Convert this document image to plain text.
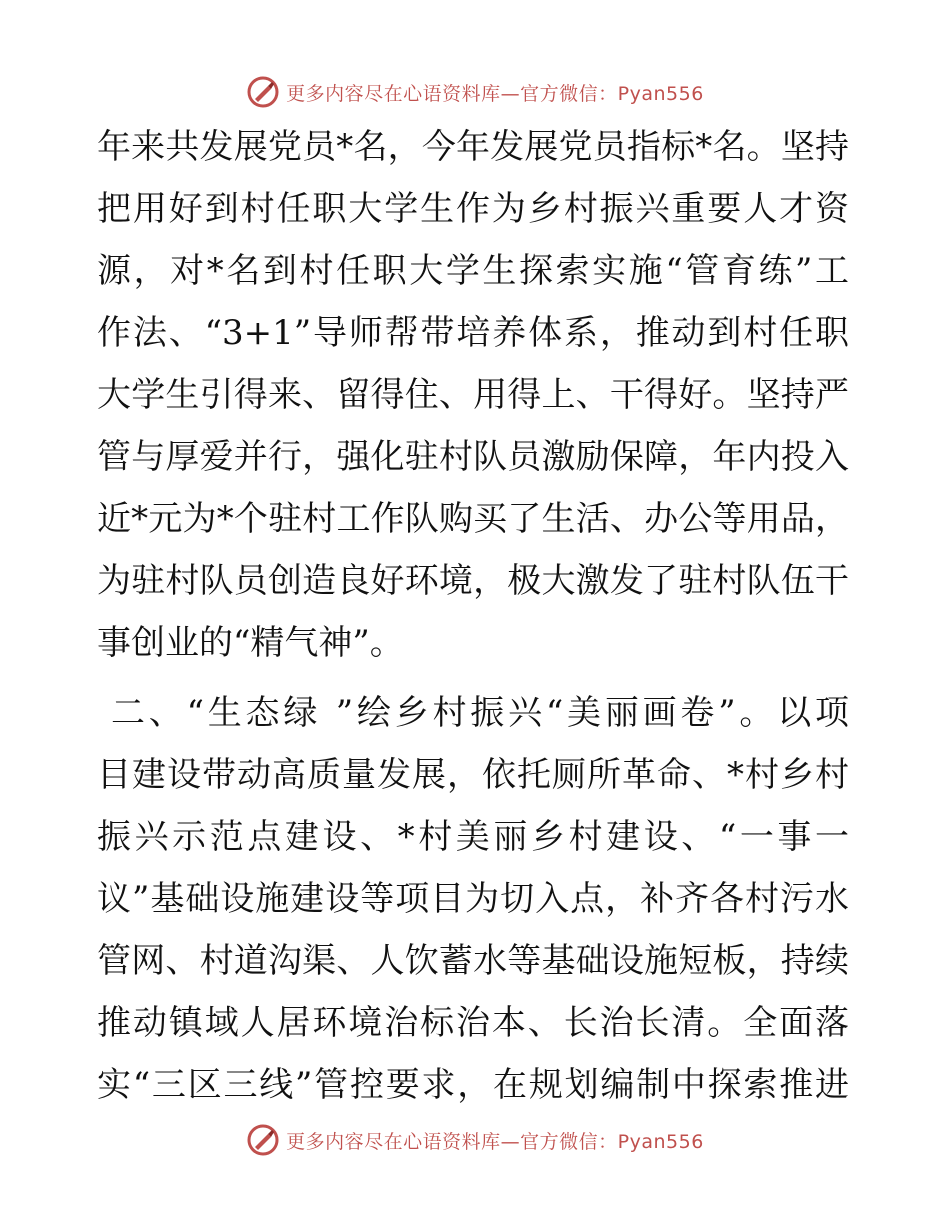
更多内容尽在心语资料库—官方微信：Pyan556
年来共发展党员*名，今年发展党员指标*名。坚持
把用好到村任职大学生作为乡村振兴重要人才资
源，对*名到村任职大学生探索实施“管育练”工
作法、“3+1”导师帮带培养体系，推动到村任职
大学生引得来、留得住、用得上、干得好。坚持严
管与厚爱并行，强化驻村队员激励保障，年内投入
近*元为*个驻村工作队购买了生活、办公等用品，
为驻村队员创造良好环境，极大激发了驻村队伍干
事创业的“精气神”。
二、“生态绿 ”绘乡村振兴“美丽画卷”。以项
目建设带动高质量发展，依托厕所革命、*村乡村
振兴示范点建设、*村美丽乡村建设、“一事一
议”基础设施建设等项目为切入点，补齐各村污水
管网、村道沟渠、人饮蓄水等基础设施短板，持续
推动镇域人居环境治标治本、长治长清。全面落
实“三区三线”管控要求，在规划编制中探索推进
更多内容尽在心语资料库—官方微信：Pyan556
